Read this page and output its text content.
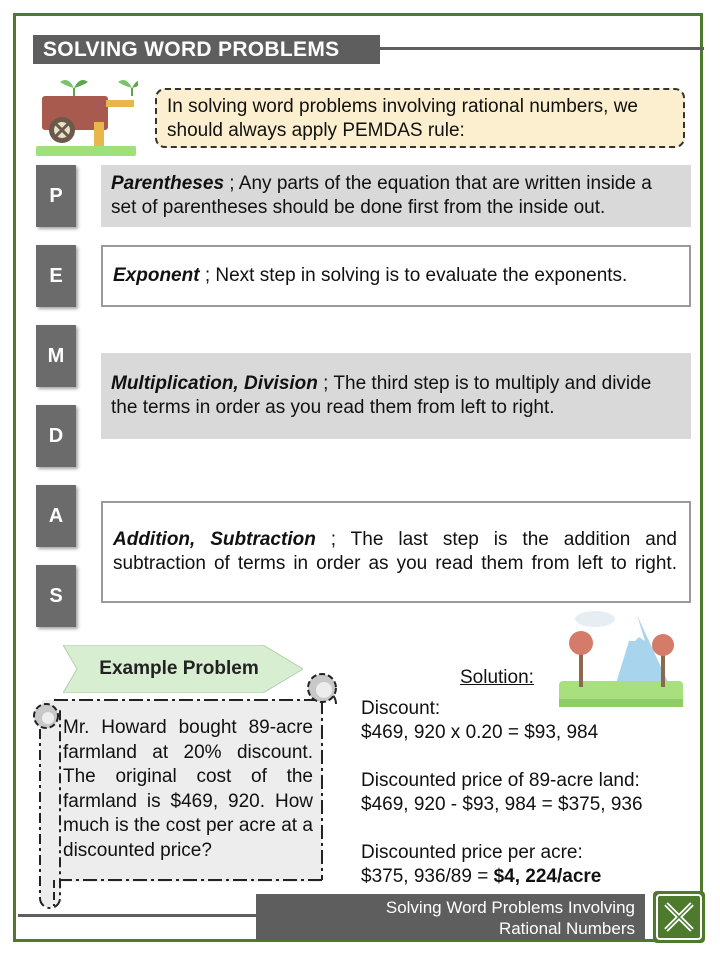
SOLVING WORD PROBLEMS
In solving word problems involving rational numbers, we should always apply PEMDAS rule:
P
E
M
D
A
S
Parentheses ; Any parts of the equation that are written inside a set of parentheses should be done first from the inside out.
Exponent ; Next step in solving is to evaluate the exponents.
Multiplication, Division ; The third step is to multiply and divide the terms in order as you read them from left to right.
Addition, Subtraction ; The last step is the addition and subtraction of terms in order as you read them from left to right.
Example Problem
Mr. Howard bought 89-acre farmland at 20% discount. The original cost of the farmland is $469, 920. How much is the cost per acre at a discounted price?
Solution:
Discount:
$469, 920 x 0.20 = $93, 984
Discounted price of 89-acre land:
$469, 920 - $93, 984 = $375, 936
Discounted price per acre:
$375, 936/89 = $4, 224/acre
Solving Word Problems Involving
Rational Numbers
